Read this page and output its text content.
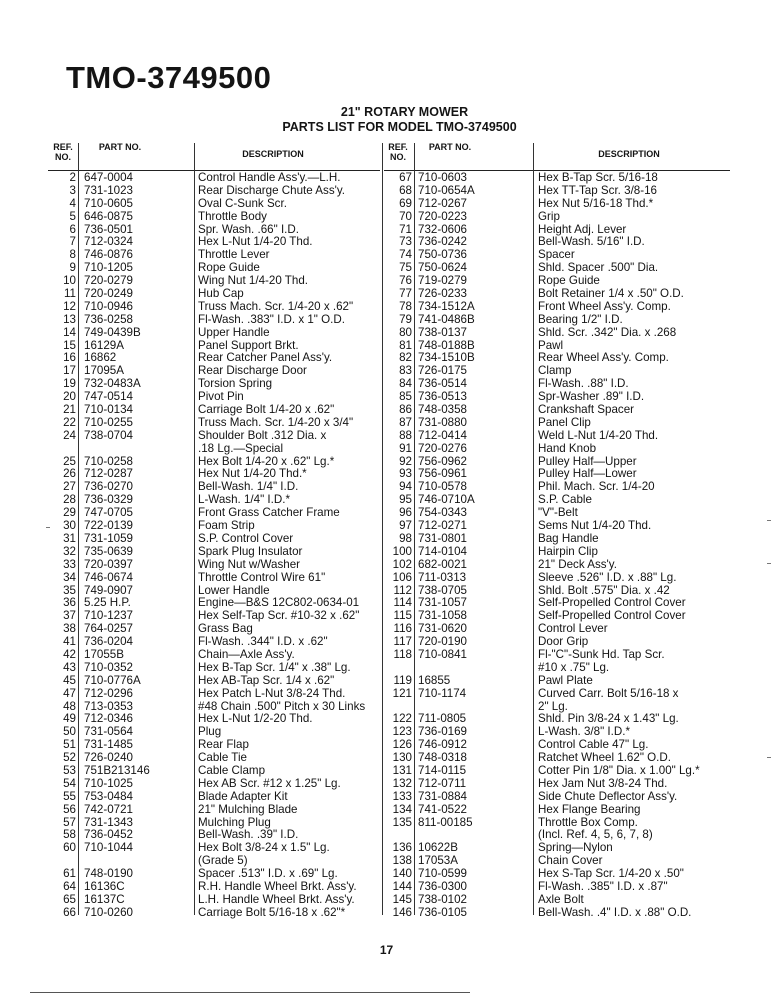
TMO-3749500
21" ROTARY MOWER
PARTS LIST FOR MODEL TMO-3749500
REF. NO.
PART NO.
DESCRIPTION
REF. NO.
PART NO.
DESCRIPTION
2 647-0004	Control Handle Ass'y.—L.H.
3 731-1023	Rear Discharge Chute Ass'y.
4 710-0605	Oval C-Sunk Scr.
5 646-0875	Throttle Body
6 736-0501	Spr. Wash. .66" I.D.
7 712-0324	Hex L-Nut 1/4-20 Thd.
8 746-0876	Throttle Lever
9 710-1205	Rope Guide
10 720-0279	Wing Nut 1/4-20 Thd.
11 720-0249	Hub Cap
12 710-0946	Truss Mach. Scr. 1/4-20 x .62"
13 736-0258	Fl-Wash. .383" I.D. x 1" O.D.
14 749-0439B	Upper Handle
15 16129A	Panel Support Brkt.
16 16862	Rear Catcher Panel Ass'y.
17 17095A	Rear Discharge Door
19 732-0483A	Torsion Spring
20 747-0514	Pivot Pin
21 710-0134	Carriage Bolt 1/4-20 x .62"
22 710-0255	Truss Mach. Scr. 1/4-20 x 3/4"
24 738-0704	Shoulder Bolt .312 Dia. x
.18 Lg.—Special
25 710-0258	Hex Bolt 1/4-20 x .62" Lg.*
26 712-0287	Hex Nut 1/4-20 Thd.*
27 736-0270	Bell-Wash. 1/4" I.D.
28 736-0329	L-Wash. 1/4" I.D.*
29 747-0705	Front Grass Catcher Frame
30 722-0139	Foam Strip
31 731-1059	S.P. Control Cover
32 735-0639	Spark Plug Insulator
33 720-0397	Wing Nut w/Washer
34 746-0674	Throttle Control Wire 61"
35 749-0907	Lower Handle
36 5.25 H.P.	Engine—B&S 12C802-0634-01
37 710-1237	Hex Self-Tap Scr. #10-32 x .62"
38 764-0257	Grass Bag
41 736-0204	Fl-Wash. .344" I.D. x .62"
42 17055B	Chain—Axle Ass'y.
43 710-0352	Hex B-Tap Scr. 1/4" x .38" Lg.
45 710-0776A	Hex AB-Tap Scr. 1/4 x .62"
47 712-0296	Hex Patch L-Nut 3/8-24 Thd.
48 713-0353	#48 Chain .500" Pitch x 30 Links
49 712-0346	Hex L-Nut 1/2-20 Thd.
50 731-0564	Plug
51 731-1485	Rear Flap
52 726-0240	Cable Tie
53 751B213146	Cable Clamp
54 710-1025	Hex AB Scr. #12 x 1.25" Lg.
55 753-0484	Blade Adapter Kit
56 742-0721	21" Mulching Blade
57 731-1343	Mulching Plug
58 736-0452	Bell-Wash. .39" I.D.
60 710-1044	Hex Bolt 3/8-24 x 1.5" Lg.
(Grade 5)
61 748-0190	Spacer .513" I.D. x .69" Lg.
64 16136C	R.H. Handle Wheel Brkt. Ass'y.
65 16137C	L.H. Handle Wheel Brkt. Ass'y.
66 710-0260	Carriage Bolt 5/16-18 x .62"*
67 710-0603	Hex B-Tap Scr. 5/16-18
68 710-0654A	Hex TT-Tap Scr. 3/8-16
69 712-0267	Hex Nut 5/16-18 Thd.*
70 720-0223	Grip
71 732-0606	Height Adj. Lever
73 736-0242	Bell-Wash. 5/16" I.D.
74 750-0736	Spacer
75 750-0624	Shld. Spacer .500" Dia.
76 719-0279	Rope Guide
77 726-0233	Bolt Retainer 1/4 x .50" O.D.
78 734-1512A	Front Wheel Ass'y. Comp.
79 741-0486B	Bearing 1/2" I.D.
80 738-0137	Shld. Scr. .342" Dia. x .268
81 748-0188B	Pawl
82 734-1510B	Rear Wheel Ass'y. Comp.
83 726-0175	Clamp
84 736-0514	Fl-Wash. .88" I.D.
85 736-0513	Spr-Washer .89" I.D.
86 748-0358	Crankshaft Spacer
87 731-0880	Panel Clip
88 712-0414	Weld L-Nut 1/4-20 Thd.
91 720-0276	Hand Knob
92 756-0962	Pulley Half—Upper
93 756-0961	Pulley Half—Lower
94 710-0578	Phil. Mach. Scr. 1/4-20
95 746-0710A	S.P. Cable
96 754-0343	"V"-Belt
97 712-0271	Sems Nut 1/4-20 Thd.
98 731-0801	Bag Handle
100 714-0104	Hairpin Clip
102 682-0021	21" Deck Ass'y.
106 711-0313	Sleeve .526" I.D. x .88" Lg.
112 738-0705	Shld. Bolt .575" Dia. x .42
114 731-1057	Self-Propelled Control Cover
115 731-1058	Self-Propelled Control Cover
116 731-0620	Control Lever
117 720-0190	Door Grip
118 710-0841	Fl-"C"-Sunk Hd. Tap Scr.
#10 x .75" Lg.
119 16855	Pawl Plate
121 710-1174	Curved Carr. Bolt 5/16-18 x
2" Lg.
122 711-0805	Shld. Pin 3/8-24 x 1.43" Lg.
123 736-0169	L-Wash. 3/8" I.D.*
126 746-0912	Control Cable 47" Lg.
130 748-0318	Ratchet Wheel 1.62" O.D.
131 714-0115	Cotter Pin 1/8" Dia. x 1.00" Lg.*
132 712-0711	Hex Jam Nut 3/8-24 Thd.
133 731-0884	Side Chute Deflector Ass'y.
134 741-0522	Hex Flange Bearing
135 811-00185	Throttle Box Comp.
(Incl. Ref. 4, 5, 6, 7, 8)
136 10622B	Spring—Nylon
138 17053A	Chain Cover
140 710-0599	Hex S-Tap Scr. 1/4-20 x .50"
144 736-0300	Fl-Wash. .385" I.D. x .87"
145 738-0102	Axle Bolt
146 736-0105	Bell-Wash. .4" I.D. x .88" O.D.
17
